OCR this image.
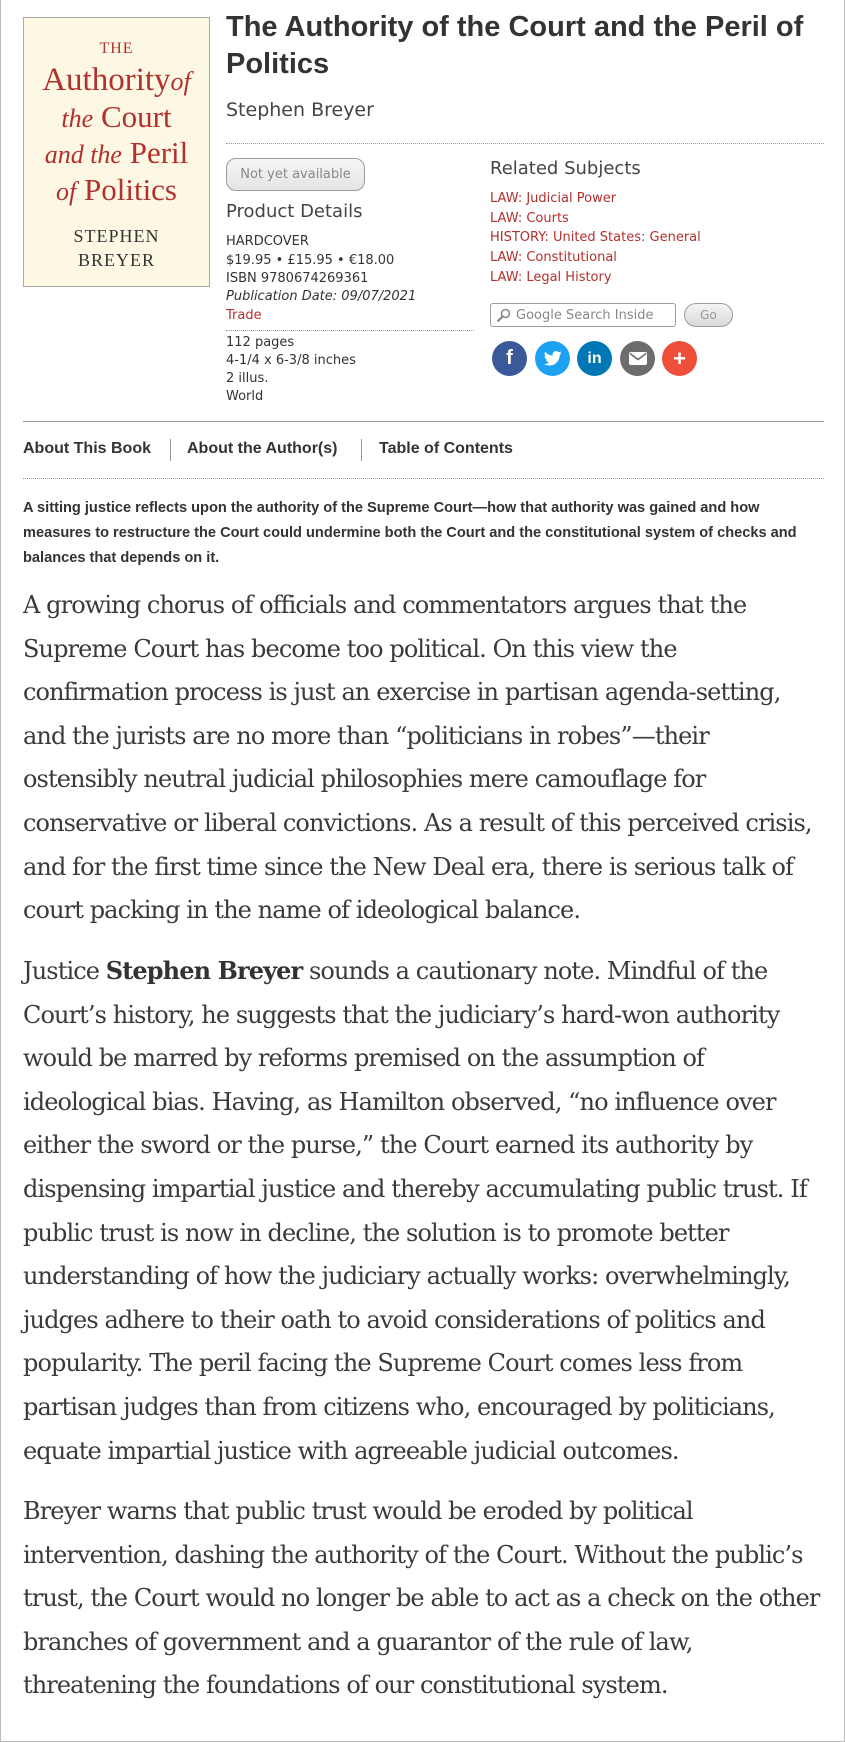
THE
Authorityof
the Court
and the Peril
of Politics
STEPHEN
BREYER
The Authority of the Court and the Peril of Politics
Stephen Breyer
Not yet available
Product Details
HARDCOVER
$19.95 • £15.95 • €18.00
ISBN 9780674269361
Publication Date: 09/07/2021
Trade
112 pages
4-1/4 x 6-3/8 inches
2 illus.
World
Related Subjects
LAW: Judicial Power
LAW: Courts
HISTORY: United States: General
LAW: Constitutional
LAW: Legal History
Google Search Inside
Go
f	in	+
About This Book About the Author(s)	Table of Contents

A sitting justice reflects upon the authority of the Supreme Court—how that authority was gained and how measures to restructure the Court could undermine both the Court and the constitutional system of checks and balances that depends on it.

A growing chorus of officials and commentators argues that the Supreme Court has become too political. On this view the confirmation process is just an exercise in partisan agenda-setting, and the jurists are no more than “politicians in robes”—their ostensibly neutral judicial philosophies mere camouflage for conservative or liberal convictions. As a result of this perceived crisis, and for the first time since the New Deal era, there is serious talk of court packing in the name of ideological balance.

Justice Stephen Breyer sounds a cautionary note. Mindful of the Court’s history, he suggests that the judiciary’s hard-won authority would be marred by reforms premised on the assumption of ideological bias. Having, as Hamilton observed, “no influence over either the sword or the purse,” the Court earned its authority by dispensing impartial justice and thereby accumulating public trust. If public trust is now in decline, the solution is to promote better understanding of how the judiciary actually works: overwhelmingly, judges adhere to their oath to avoid considerations of politics and popularity. The peril facing the Supreme Court comes less from partisan judges than from citizens who, encouraged by politicians, equate impartial justice with agreeable judicial outcomes.

Breyer warns that public trust would be eroded by political intervention, dashing the authority of the Court. Without the public’s trust, the Court would no longer be able to act as a check on the other branches of government and a guarantor of the rule of law, threatening the foundations of our constitutional system.
